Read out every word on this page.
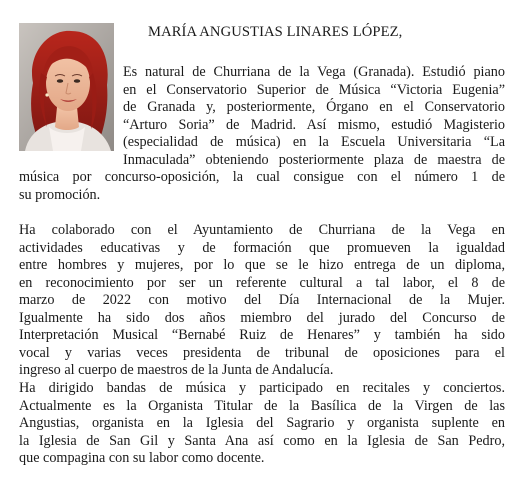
MARÍA ANGUSTIAS LINARES LÓPEZ,

Es natural de Churriana de la Vega (Granada). Estudió piano
en el Conservatorio Superior de Música “Victoria Eugenia”
de Granada y, posteriormente, Órgano en el Conservatorio
“Arturo Soria” de Madrid. Así mismo, estudió Magisterio
(especialidad de música) en la Escuela Universitaria “La
Inmaculada” obteniendo posteriormente plaza de maestra de
música por concurso-oposición, la cual consigue con el número 1 de
su promoción.

Ha colaborado con el Ayuntamiento de Churriana de la Vega en
actividades educativas y de formación que promueven la igualdad
entre hombres y mujeres, por lo que se le hizo entrega de un diploma,
en reconocimiento por ser un referente cultural a tal labor, el 8 de
marzo de 2022 con motivo del Día Internacional de la Mujer.
Igualmente ha sido dos años miembro del jurado del Concurso de
Interpretación Musical “Bernabé Ruiz de Henares” y también ha sido
vocal y varias veces presidenta de tribunal de oposiciones para el
ingreso al cuerpo de maestros de la Junta de Andalucía.

Ha dirigido bandas de música y participado en recitales y conciertos.
Actualmente es la Organista Titular de la Basílica de la Virgen de las
Angustias, organista en la Iglesia del Sagrario y organista suplente en
la Iglesia de San Gil y Santa Ana así como en la Iglesia de San Pedro,
que compagina con su labor como docente.
